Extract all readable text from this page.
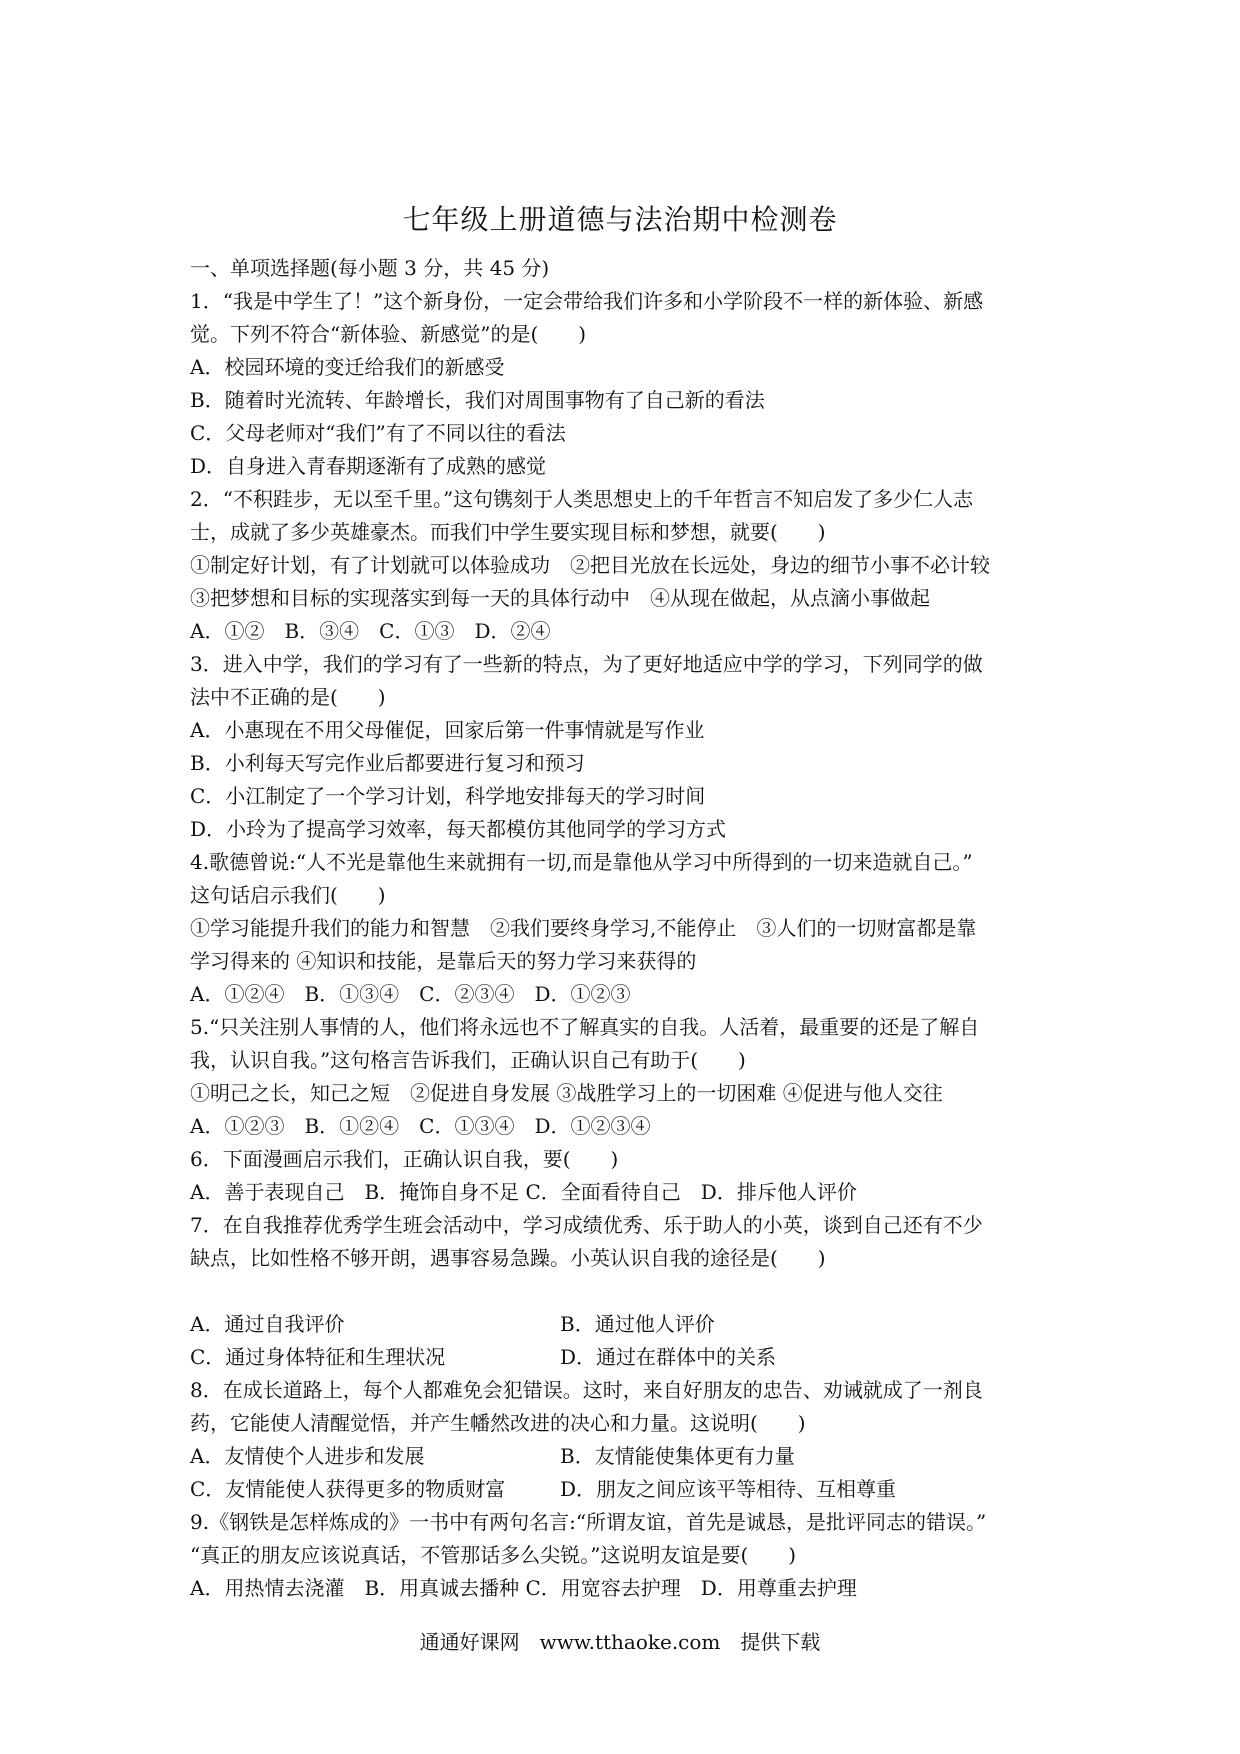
七年级上册道德与法治期中检测卷
一、单项选择题(每小题 3 分，共 45 分)
1．“我是中学生了！”这个新身份，一定会带给我们许多和小学阶段不一样的新体验、新感
觉。下列不符合“新体验、新感觉”的是(　　)
A．校园环境的变迁给我们的新感受
B．随着时光流转、年龄增长，我们对周围事物有了自己新的看法
C．父母老师对“我们”有了不同以往的看法
D．自身进入青春期逐渐有了成熟的感觉
2．“不积跬步，无以至千里。”这句镌刻于人类思想史上的千年哲言不知启发了多少仁人志
士，成就了多少英雄豪杰。而我们中学生要实现目标和梦想，就要(　　)
①制定好计划，有了计划就可以体验成功　②把目光放在长远处，身边的细节小事不必计较
③把梦想和目标的实现落实到每一天的具体行动中　④从现在做起，从点滴小事做起
A．①②　B．③④　C．①③　D．②④
3．进入中学，我们的学习有了一些新的特点，为了更好地适应中学的学习，下列同学的做
法中不正确的是(　　)
A．小惠现在不用父母催促，回家后第一件事情就是写作业
B．小利每天写完作业后都要进行复习和预习
C．小江制定了一个学习计划，科学地安排每天的学习时间
D．小玲为了提高学习效率，每天都模仿其他同学的学习方式
4.歌德曾说:“人不光是靠他生来就拥有一切,而是靠他从学习中所得到的一切来造就自己。”
这句话启示我们(　　)
①学习能提升我们的能力和智慧　②我们要终身学习,不能停止　③人们的一切财富都是靠
学习得来的 ④知识和技能，是靠后天的努力学习来获得的
A．①②④　B．①③④　C．②③④　D．①②③
5.“只关注别人事情的人，他们将永远也不了解真实的自我。人活着，最重要的还是了解自
我，认识自我。”这句格言告诉我们，正确认识自己有助于(　　)
①明己之长，知己之短　②促进自身发展 ③战胜学习上的一切困难 ④促进与他人交往
A．①②③　B．①②④　C．①③④　D．①②③④
6．下面漫画启示我们，正确认识自我，要(　　)
A．善于表现自己　B．掩饰自身不足 C．全面看待自己　D．排斥他人评价
7．在自我推荐优秀学生班会活动中，学习成绩优秀、乐于助人的小英，谈到自己还有不少
缺点，比如性格不够开朗，遇事容易急躁。小英认识自我的途径是(　　)
A．通过自我评价	B．通过他人评价
C．通过身体特征和生理状况	D．通过在群体中的关系
8．在成长道路上，每个人都难免会犯错误。这时，来自好朋友的忠告、劝诫就成了一剂良
药，它能使人清醒觉悟，并产生幡然改进的决心和力量。这说明(　　)
A．友情使个人进步和发展	B．友情能使集体更有力量
C．友情能使人获得更多的物质财富	D．朋友之间应该平等相待、互相尊重
9.《钢铁是怎样炼成的》一书中有两句名言:“所谓友谊，首先是诚恳，是批评同志的错误。”
“真正的朋友应该说真话，不管那话多么尖锐。”这说明友谊是要(　　)
A．用热情去浇灌　B．用真诚去播种 C．用宽容去护理　D．用尊重去护理
通通好课网　www.tthaoke.com　提供下载
